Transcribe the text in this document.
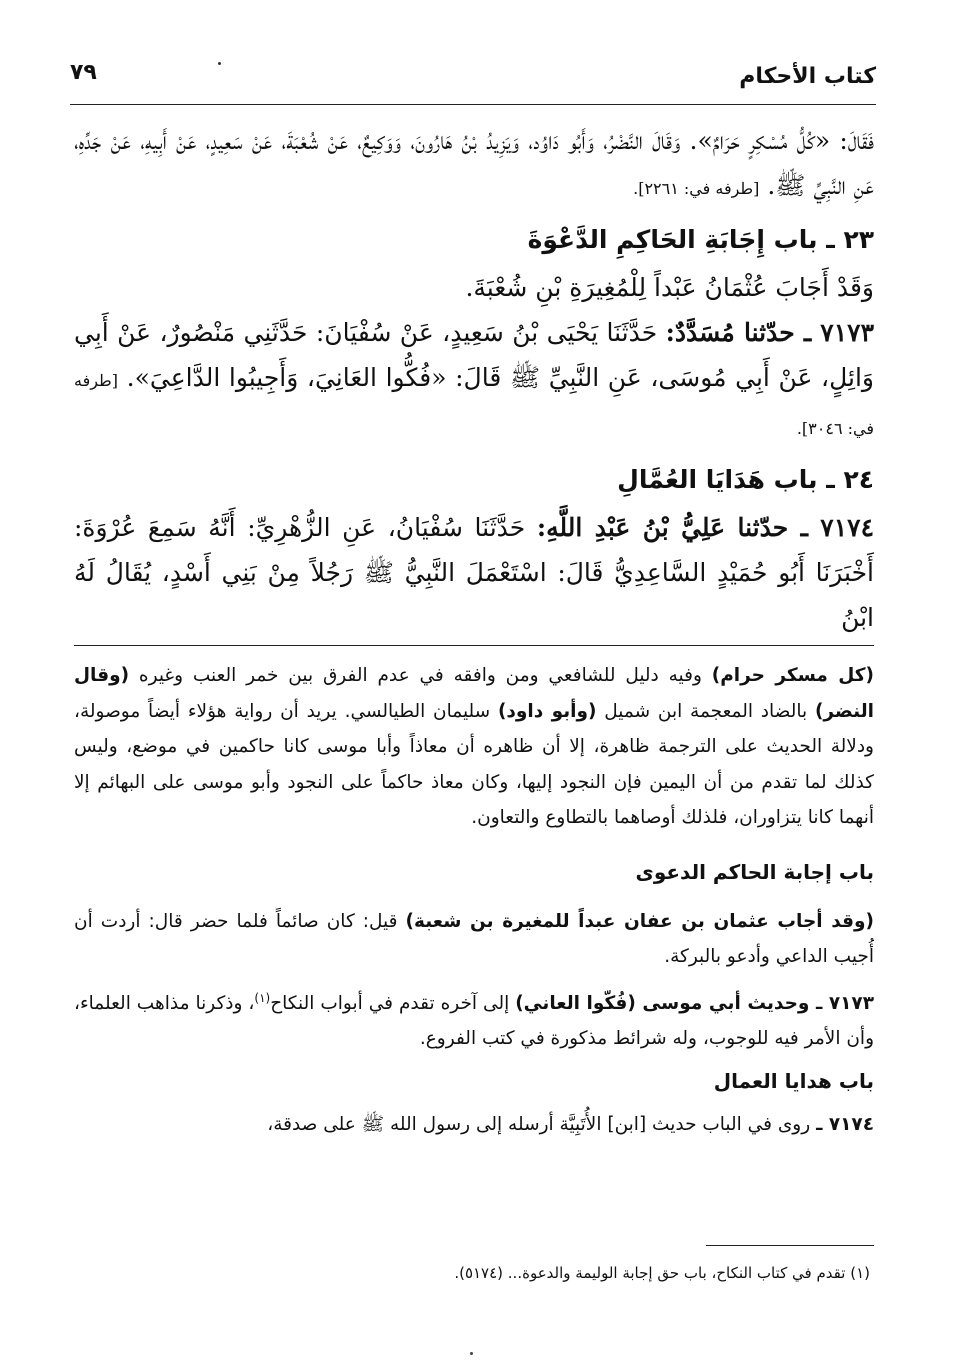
كتاب الأحكام
٧٩

فَقَالَ: «كُلُّ مُسْكِرٍ حَرَامٌ». وَقَالَ النَّضْرُ، وَأَبُو دَاوُد، وَيَزِيدُ بْنُ هَارُونَ، وَوَكِيعٌ، عَنْ شُعْبَةَ، عَنْ سَعِيدٍ، عَنْ أَبِيهِ، عَنْ جَدِّهِ، عَنِ النَّبِيِّ ﷺ. [طرفه في: ٢٢٦١].

٢٣ ـ باب إِجَابَةِ الحَاكِمِ الدَّعْوَةَ

وَقَدْ أَجَابَ عُثْمَانُ عَبْداً لِلْمُغِيرَةِ بْنِ شُعْبَةَ.

٧١٧٣ ـ حدّثنا مُسَدَّدٌ: حَدَّثَنَا يَحْيَى بْنُ سَعِيدٍ، عَنْ سُفْيَانَ: حَدَّثَنِي مَنْصُورٌ، عَنْ أَبِي وَائِلٍ، عَنْ أَبِي مُوسَى، عَنِ النَّبِيِّ ﷺ قَالَ: «فُكُّوا العَانِيَ، وَأَجِيبُوا الدَّاعِيَ». [طرفه في: ٣٠٤٦].

٢٤ ـ باب هَدَايَا العُمَّالِ

٧١٧٤ ـ حدّثنا عَلِيُّ بْنُ عَبْدِ اللَّهِ: حَدَّثَنَا سُفْيَانُ، عَنِ الزُّهْرِيِّ: أَنَّهُ سَمِعَ عُرْوَةَ: أَخْبَرَنَا أَبُو حُمَيْدٍ السَّاعِدِيُّ قَالَ: اسْتَعْمَلَ النَّبِيُّ ﷺ رَجُلاً مِنْ بَنِي أَسْدٍ، يُقَالُ لَهُ ابْنُ

(كل مسكر حرام) وفيه دليل للشافعي ومن وافقه في عدم الفرق بين خمر العنب وغيره (وقال النضر) بالضاد المعجمة ابن شميل (وأبو داود) سليمان الطيالسي. يريد أن رواية هؤلاء أيضاً موصولة، ودلالة الحديث على الترجمة ظاهرة، إلا أن ظاهره أن معاذاً وأبا موسى كانا حاكمين في موضع، وليس كذلك لما تقدم من أن اليمين فإن النجود إليها، وكان معاذ حاكماً على النجود وأبو موسى على البهائم إلا أنهما كانا يتزاوران، فلذلك أوصاهما بالتطاوع والتعاون.

باب إجابة الحاكم الدعوى

(وقد أجاب عثمان بن عفان عبداً للمغيرة بن شعبة) قيل: كان صائماً فلما حضر قال: أردت أن أُجيب الداعي وأدعو بالبركة.

٧١٧٣ ـ وحديث أبي موسى (فُكّوا العاني) إلى آخره تقدم في أبواب النكاح$^{(١)}$، وذكرنا مذاهب العلماء، وأن الأمر فيه للوجوب، وله شرائط مذكورة في كتب الفروع.

باب هدايا العمال

٧١٧٤ ـ روى في الباب حديث [ابن] الأُتَبِيَّة أرسله إلى رسول الله ﷺ على صدقة،

(١) تقدم في كتاب النكاح، باب حق إجابة الوليمة والدعوة... (٥١٧٤).
